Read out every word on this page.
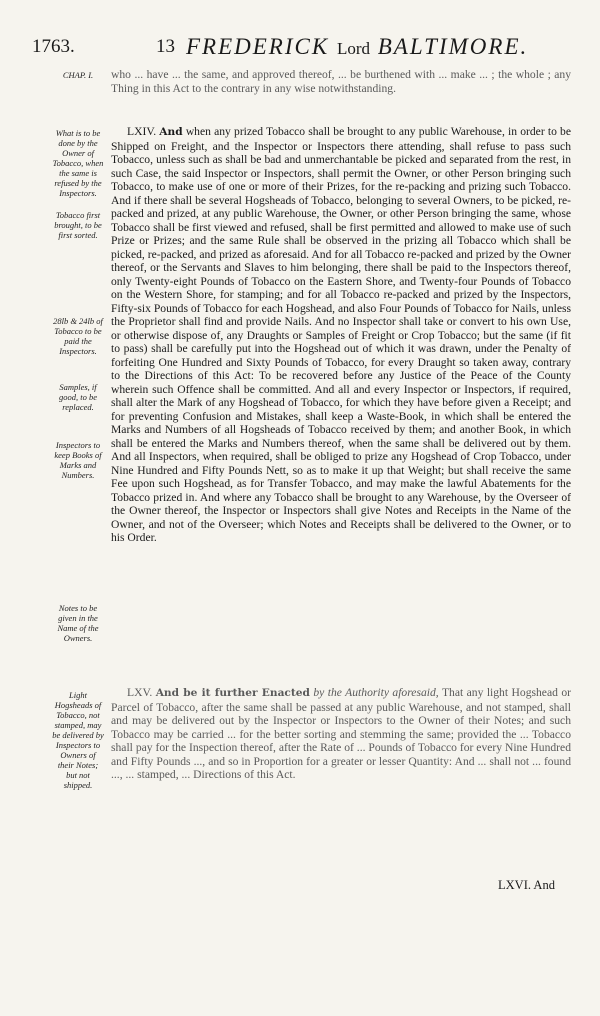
1763.	13 FREDERICK Lord BALTIMORE.
CHAP. I.
What is to be done by the Owner of Tobacco, when the same is refused by the Inspectors.
Tobacco first brought, to be first sorted.
28lb & 24lb of Tobacco to be paid the Inspectors.
Samples, if good, to be replaced.
Inspectors to keep Books of Marks and Numbers.
Notes to be given in the Name of the Owners.
Light Hogsheads of Tobacco, not stamped, may be delivered by Inspectors to Owners of their Notes; but not shipped.

who ... have ... the same, and approved thereof, ... be burthened with ... make ... ; the whole ; any Thing in this Act to the contrary in any wise notwithstanding.

LXIV. And when any prized Tobacco shall be brought to any public Warehouse, in order to be Shipped on Freight, and the Inspector or Inspectors there attending, shall refuse to pass such Tobacco, unless such as shall be bad and unmerchantable be picked and separated from the rest, in such Case, the said Inspector or Inspectors, shall permit the Owner, or other Person bringing such Tobacco, to make use of one or more of their Prizes, for the re-packing and prizing such Tobacco. And if there shall be several Hogsheads of Tobacco, belonging to several Owners, to be picked, re-packed and prized, at any public Warehouse, the Owner, or other Person bringing the same, whose Tobacco shall be first viewed and refused, shall be first permitted and allowed to make use of such Prize or Prizes; and the same Rule shall be observed in the prizing all Tobacco which shall be picked, re-packed, and prized as aforesaid. And for all Tobacco re-packed and prized by the Owner thereof, or the Servants and Slaves to him belonging, there shall be paid to the Inspectors thereof, only Twenty-eight Pounds of Tobacco on the Eastern Shore, and Twenty-four Pounds of Tobacco on the Western Shore, for stamping; and for all Tobacco re-packed and prized by the Inspectors, Fifty-six Pounds of Tobacco for each Hogshead, and also Four Pounds of Tobacco for Nails, unless the Proprietor shall find and provide Nails. And no Inspector shall take or convert to his own Use, or otherwise dispose of, any Draughts or Samples of Freight or Crop Tobacco; but the same (if fit to pass) shall be carefully put into the Hogshead out of which it was drawn, under the Penalty of forfeiting One Hundred and Sixty Pounds of Tobacco, for every Draught so taken away, contrary to the Directions of this Act: To be recovered before any Justice of the Peace of the County wherein such Offence shall be committed. And all and every Inspector or Inspectors, if required, shall alter the Mark of any Hogshead of Tobacco, for which they have before given a Receipt; and for preventing Confusion and Mistakes, shall keep a Waste-Book, in which shall be entered the Marks and Numbers of all Hogsheads of Tobacco received by them; and another Book, in which shall be entered the Marks and Numbers thereof, when the same shall be delivered out by them. And all Inspectors, when required, shall be obliged to prize any Hogshead of Crop Tobacco, under Nine Hundred and Fifty Pounds Nett, so as to make it up that Weight; but shall receive the same Fee upon such Hogshead, as for Transfer Tobacco, and may make the lawful Abatements for the Tobacco prized in. And where any Tobacco shall be brought to any Warehouse, by the Overseer of the Owner thereof, the Inspector or Inspectors shall give Notes and Receipts in the Name of the Owner, and not of the Overseer; which Notes and Receipts shall be delivered to the Owner, or to his Order.

LXV. And be it further Enacted by the Authority aforesaid, That any light Hogshead or Parcel of Tobacco, after the same shall be passed at any public Warehouse, and not stamped, shall and may be delivered out by the Inspector or Inspectors to the Owner of their Notes; and such Tobacco may be carried ... for the better sorting and stemming the same; provided the ... Tobacco shall pay for the Inspection thereof, after the Rate of ... Pounds of Tobacco for every Nine Hundred and Fifty Pounds ..., and so in Proportion for a greater or lesser Quantity: And ... shall not ... found ..., ... stamped, ... Directions of this Act.

LXVI. And
